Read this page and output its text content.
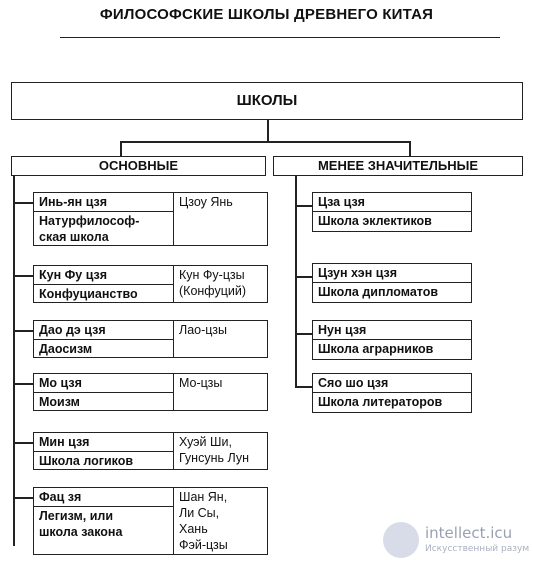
ФИЛОСОФСКИЕ ШКОЛЫ ДРЕВНЕГО КИТАЯ
ШКОЛЫ
ОСНОВНЫЕ	МЕНЕЕ ЗНАЧИТЕЛЬНЫЕ
Инь-ян цзя
Натурфилософ-
ская школа
Цзоу Янь
Кун Фу цзя
Конфуцианство
Кун Фу-цзы
(Конфуций)
Дао дэ цзя
Даосизм
Лао-цзы
Мо цзя
Моизм
Мо-цзы
Мин цзя
Школа логиков
Хуэй Ши,
Гунсунь Лун
Фац зя
Легизм, или
школа закона
Шан Ян,
Ли Сы,
Хань
Фэй-цзы
Цза цзя
Школа эклектиков
Цзун хэн цзя
Школа дипломатов
Нун цзя
Школа аграрников
Сяо шо цзя
Школа литераторов
intellect.icu
Искусственный разум
